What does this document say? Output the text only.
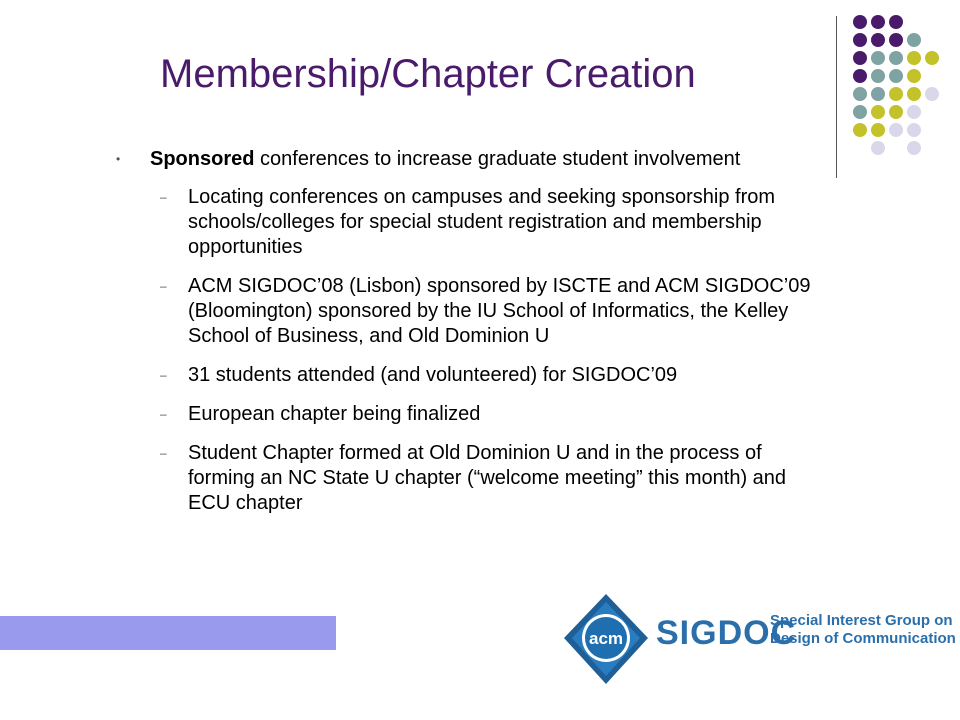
Membership/Chapter Creation
• Sponsored conferences to increase graduate student involvement
– Locating conferences on campuses and seeking sponsorship from schools/colleges for special student registration and membership opportunities
– ACM SIGDOC’08 (Lisbon) sponsored by ISCTE and ACM SIGDOC’09 (Bloomington) sponsored by the IU School of Informatics, the Kelley School of Business, and Old Dominion U
– 31 students attended (and volunteered) for SIGDOC’09
– European chapter being finalized
– Student Chapter formed at Old Dominion U and in the process of forming an NC State U chapter (“welcome meeting” this month) and ECU chapter
acm SIGDOC
Special Interest Group on
Design of Communication
